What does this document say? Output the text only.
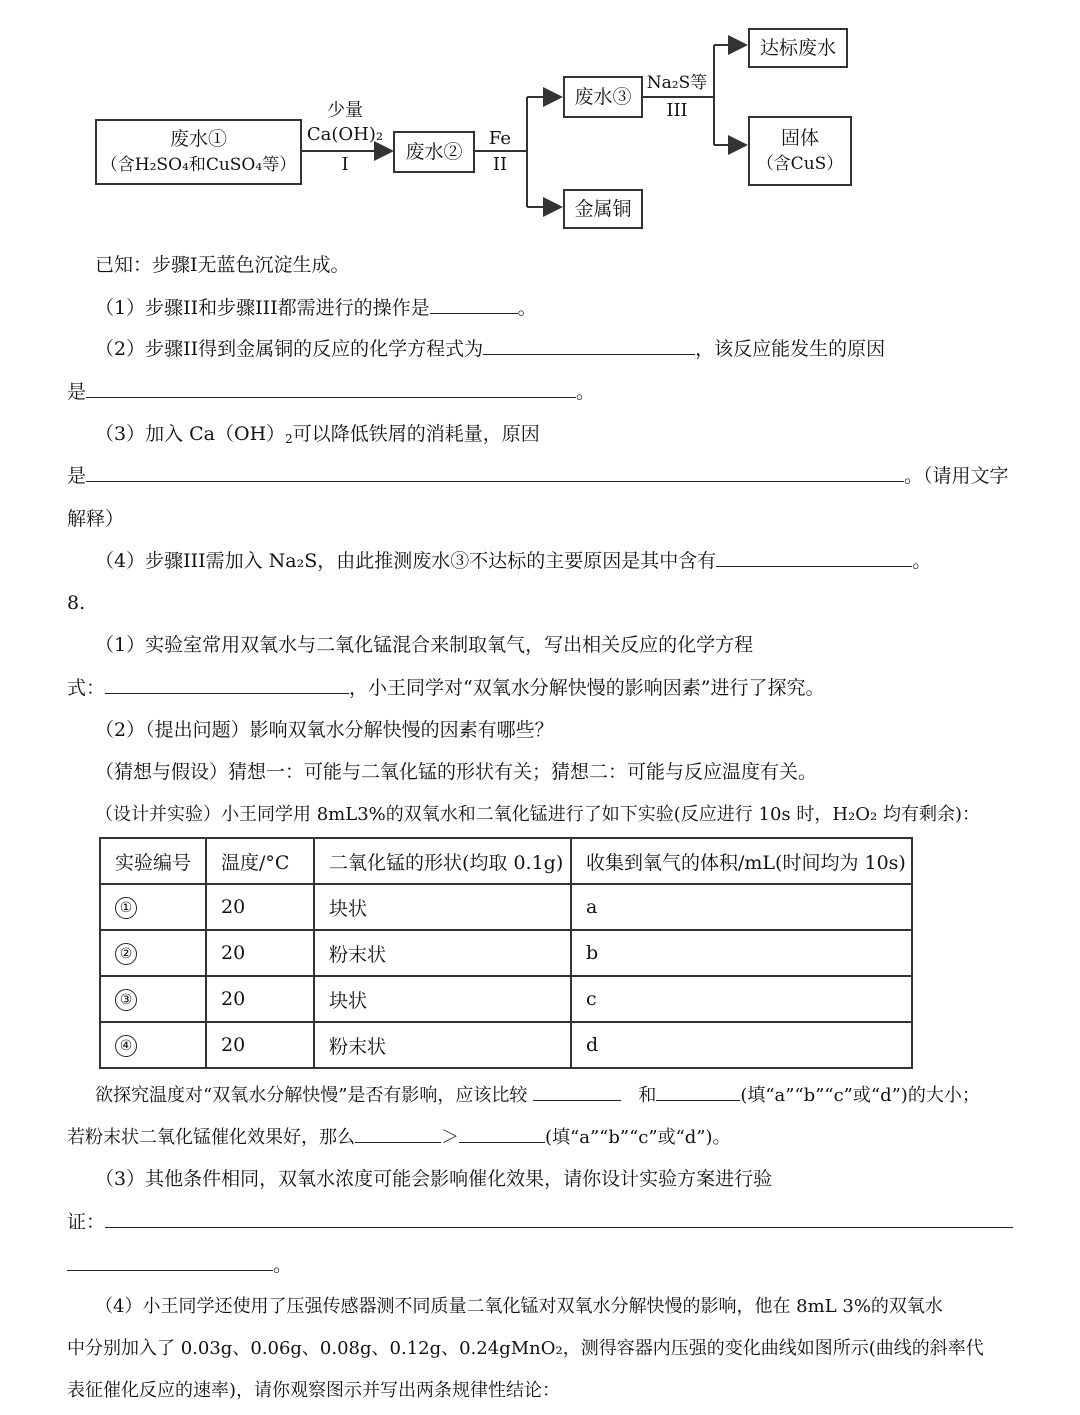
废水①
（含H₂SO₄和CuSO₄等）
少量
Ca(OH)₂
I
废水②
Fe
II
废水③
金属铜
Na₂S等
III
达标废水
固体
（含CuS）
已知：步骤I无蓝色沉淀生成。
（1）步骤II和步骤III都需进行的操作是	。
（2）步骤II得到金属铜的反应的化学方程式为	，该反应能发生的原因
是	。
（3）加入 $Ca(OH)_2$可以降低铁屑的消耗量，原因
是	。（请用文字
解释）
（4）步骤III需加入 Na₂S，由此推测废水③不达标的主要原因是其中含有	。
8.
（1）实验室常用双氧水与二氧化锰混合来制取氧气，写出相关反应的化学方程
式：	，小王同学对“双氧水分解快慢的影响因素”进行了探究。
（2）（提出问题）影响双氧水分解快慢的因素有哪些？
（猜想与假设）猜想一：可能与二氧化锰的形状有关；猜想二：可能与反应温度有关。
（设计并实验）小王同学用 8mL3%的双氧水和二氧化锰进行了如下实验(反应进行 10s 时，H₂O₂ 均有剩余)：
实验编号	温度/°C	二氧化锰的形状(均取 0.1g)	收集到氧气的体积/mL(时间均为 10s)
①	20	块状	a
②	20	粉末状	b
③	20	块状	c
④	20	粉末状	d
欲探究温度对“双氧水分解快慢”是否有影响，应该比较	和	(填“a”“b”“c”或“d”)的大小；
若粉末状二氧化锰催化效果好，那么	＞	(填“a”“b”“c”或“d”)。
（3）其他条件相同，双氧水浓度可能会影响催化效果，请你设计实验方案进行验
证：
。
（4）小王同学还使用了压强传感器测不同质量二氧化锰对双氧水分解快慢的影响，他在 8mL 3%的双氧水
中分别加入了 0.03g、0.06g、0.08g、0.12g、0.24gMnO₂，测得容器内压强的变化曲线如图所示(曲线的斜率代
表征催化反应的速率)，请你观察图示并写出两条规律性结论：
